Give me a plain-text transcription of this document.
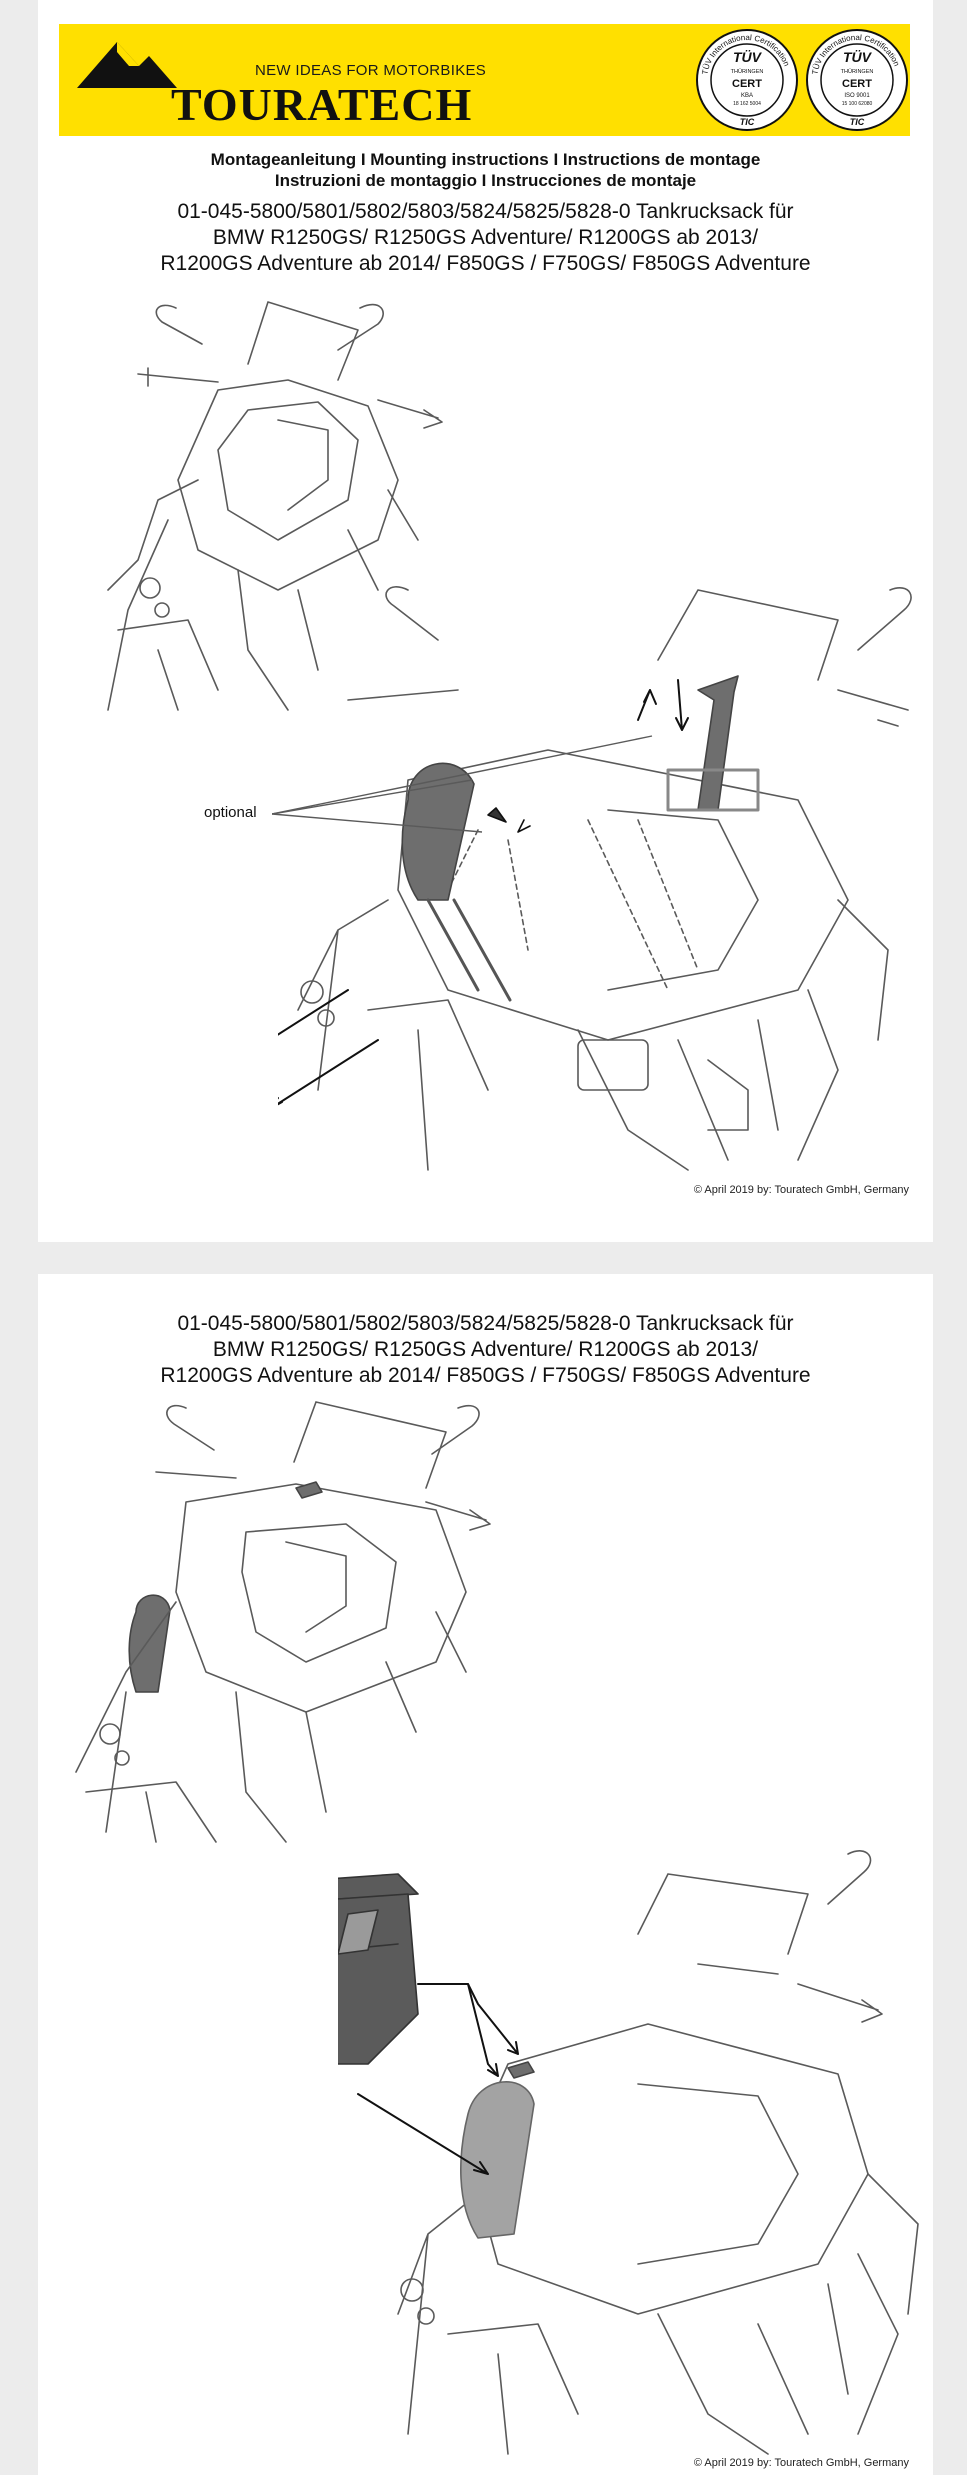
NEW IDEAS FOR MOTORBIKES
TOURATECH
TÜV International Certification
TÜV
THÜRINGEN
CERT
KBA
18 162 5004
TIC
TÜV International Certification
TÜV
THÜRINGEN
CERT
ISO 9001
15 100 62080
TIC
Montageanleitung I Mounting instructions I Instructions de montage
Instruzioni de montaggio I Instrucciones de montaje
01-045-5800/5801/5802/5803/5824/5825/5828-0 Tankrucksack für
BMW R1250GS/ R1250GS Adventure/ R1200GS ab 2013/
R1200GS Adventure ab 2014/ F850GS / F750GS/ F850GS Adventure
optional
© April 2019 by: Touratech GmbH, Germany
01-045-5800/5801/5802/5803/5824/5825/5828-0 Tankrucksack für
BMW R1250GS/ R1250GS Adventure/ R1200GS ab 2013/
R1200GS Adventure ab 2014/ F850GS / F750GS/ F850GS Adventure
© April 2019 by: Touratech GmbH, Germany
